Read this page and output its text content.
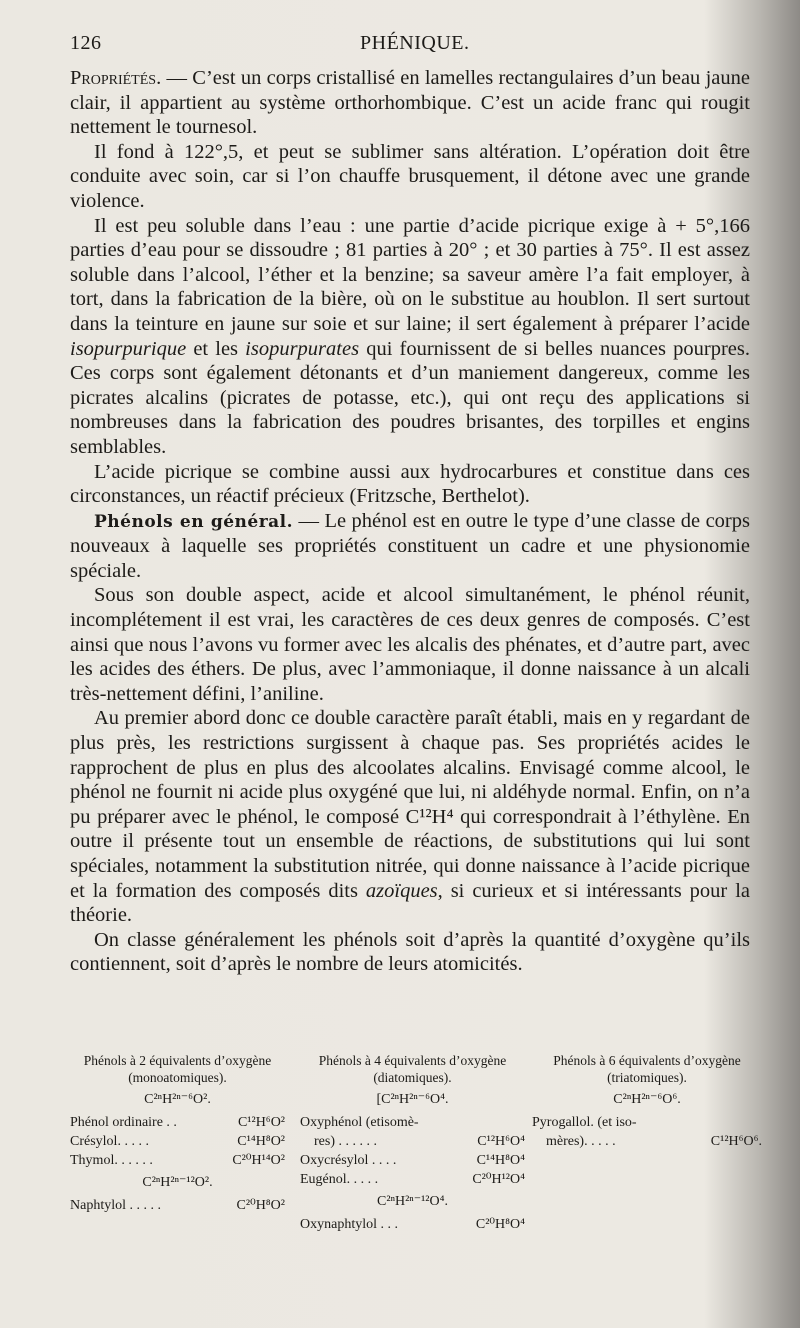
126	PHÉNIQUE.

Propriétés. — C’est un corps cristallisé en lamelles rectangulaires d’un beau jaune clair, il appartient au système orthorhombique. C’est un acide franc qui rougit nettement le tournesol.

Il fond à 122°,5, et peut se sublimer sans altération. L’opération doit être conduite avec soin, car si l’on chauffe brusquement, il détone avec une grande violence.

Il est peu soluble dans l’eau : une partie d’acide picrique exige à + 5°,166 parties d’eau pour se dissoudre ; 81 parties à 20° ; et 30 parties à 75°. Il est assez soluble dans l’alcool, l’éther et la benzine; sa saveur amère l’a fait employer, à tort, dans la fabrication de la bière, où on le substitue au houblon. Il sert surtout dans la teinture en jaune sur soie et sur laine; il sert également à préparer l’acide isopurpurique et les isopurpurates qui fournissent de si belles nuances pourpres. Ces corps sont également détonants et d’un maniement dangereux, comme les picrates alcalins (picrates de potasse, etc.), qui ont reçu des applications si nombreuses dans la fabrication des poudres brisantes, des torpilles et engins semblables.

L’acide picrique se combine aussi aux hydrocarbures et constitue dans ces circonstances, un réactif précieux (Fritzsche, Berthelot).

Phénols en général. — Le phénol est en outre le type d’une classe de corps nouveaux à laquelle ses propriétés constituent un cadre et une physionomie spéciale.

Sous son double aspect, acide et alcool simultanément, le phénol réunit, incomplétement il est vrai, les caractères de ces deux genres de composés. C’est ainsi que nous l’avons vu former avec les alcalis des phénates, et d’autre part, avec les acides des éthers. De plus, avec l’ammoniaque, il donne naissance à un alcali très-nettement défini, l’aniline.

Au premier abord donc ce double caractère paraît établi, mais en y regardant de plus près, les restrictions surgissent à chaque pas. Ses propriétés acides le rapprochent de plus en plus des alcoolates alcalins. Envisagé comme alcool, le phénol ne fournit ni acide plus oxygéné que lui, ni aldéhyde normal. Enfin, on n’a pu préparer avec le phénol, le composé C¹²H⁴ qui correspondrait à l’éthylène. En outre il présente tout un ensemble de réactions, de substitutions qui lui sont spéciales, notamment la substitution nitrée, qui donne naissance à l’acide picrique et la formation des composés dits azoïques, si curieux et si intéressants pour la théorie.

On classe généralement les phénols soit d’après la quantité d’oxygène qu’ils contiennent, soit d’après le nombre de leurs atomicités.

Phénols à 2 équivalents d’oxygène
(monoatomiques).
C²ⁿH²ⁿ⁻⁶O².
Phénol ordinaire . .	C¹²H⁶O²
Crésylol. . . . .	C¹⁴H⁸O²
Thymol. . . . . .	C²⁰H¹⁴O²
C²ⁿH²ⁿ⁻¹²O².
Naphtylol . . . . .	C²⁰H⁸O²
Phénols à 4 équivalents d’oxygène
(diatomiques).
[C²ⁿH²ⁿ⁻⁶O⁴.
Oxyphénol (etisomè-
res) . . . . . .	C¹²H⁶O⁴
Oxycrésylol . . . .	C¹⁴H⁸O⁴
Eugénol. . . . .	C²⁰H¹²O⁴
C²ⁿH²ⁿ⁻¹²O⁴.
Oxynaphtylol . . .	C²⁰H⁸O⁴
Phénols à 6 équivalents d’oxygène
(triatomiques).
C²ⁿH²ⁿ⁻⁶O⁶.
Pyrogallol. (et iso-
mères). . . . .	C¹²H⁶O⁶.
